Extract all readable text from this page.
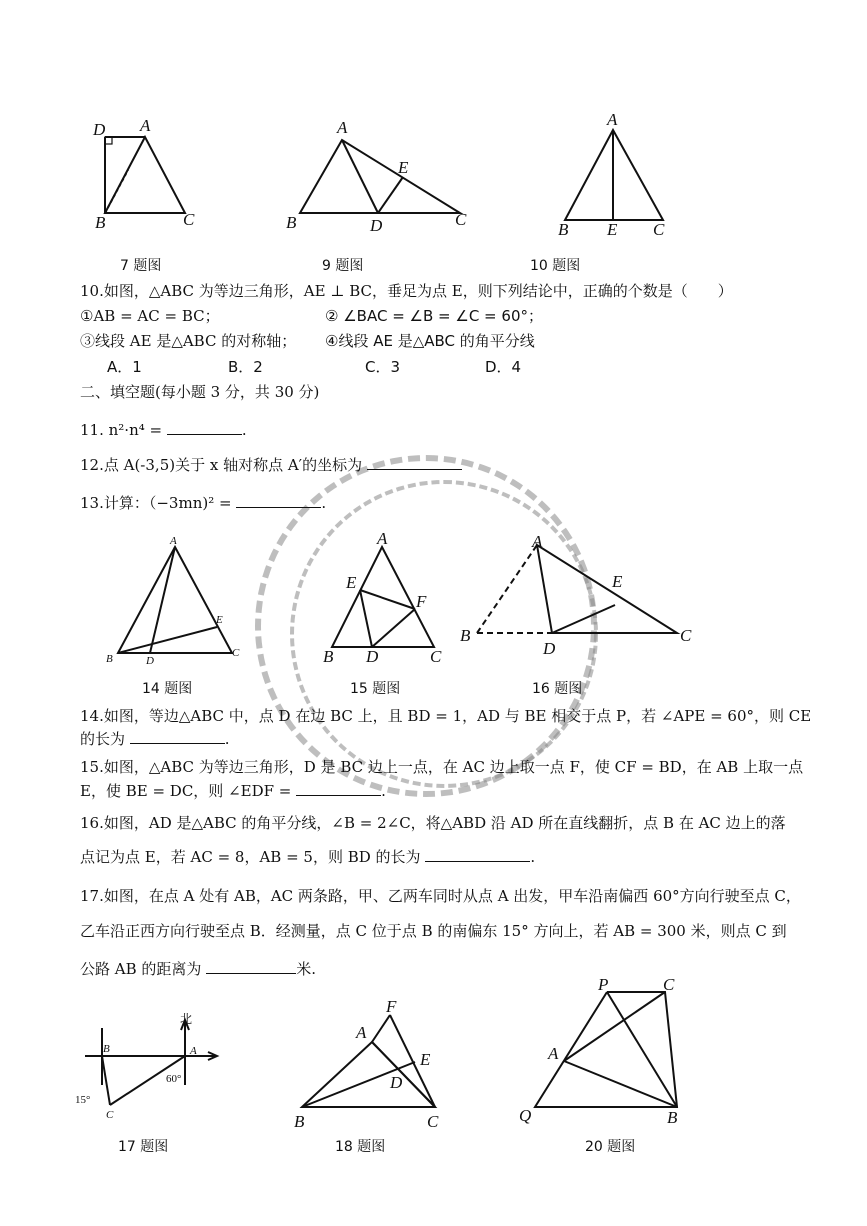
D A
B	C
7 题图
A
E
B	D	C
9 题图
A
B E C
10 题图
10.如图，△ABC 为等边三角形，AE ⊥ BC，垂足为点 E，则下列结论中，正确的个数是（　　）
①AB = AC = BC；	② ∠BAC = ∠B = ∠C = 60°；
③线段 AE 是△ABC 的对称轴； ④线段 AE 是△ABC 的角平分线
A．1	B．2	C．3	D．4
二、填空题(每小题 3 分，共 30 分)
11. n²·n⁴ =	.
12.点 A(-3,5)关于 x 轴对称点 A′的坐标为
13.计算：（−3mn)² =	.
A
E
B	D
C
14 题图
A
E
F
B D	C
15 题图
A
E
B
D
C
16 题图
14.如图，等边△ABC 中，点 D 在边 BC 上，且 BD = 1，AD 与 BE 相交于点 P，若 ∠APE = 60°，则 CE
的长为	.
15.如图，△ABC 为等边三角形，D 是 BC 边上一点，在 AC 边上取一点 F，使 CF = BD，在 AB 上取一点
E，使 BE = DC，则 ∠EDF =	.
16.如图，AD 是△ABC 的角平分线，∠B = 2∠C，将△ABD 沿 AD 所在直线翻折，点 B 在 AC 边上的落
点记为点 E，若 AC = 8，AB = 5，则 BD 的长为	.
17.如图，在点 A 处有 AB，AC 两条路，甲、乙两车同时从点 A 出发，甲车沿南偏西 60°方向行驶至点 C，
乙车沿正西方向行驶至点 B．经测量，点 C 位于点 B 的南偏东 15° 方向上，若 AB = 300 米，则点 C 到
公路 AB 的距离为	米.
北
B	A
C
60°
15°
17 题图
F
A
E
D
B	C
18 题图
P	C
A
Q	B
20 题图
